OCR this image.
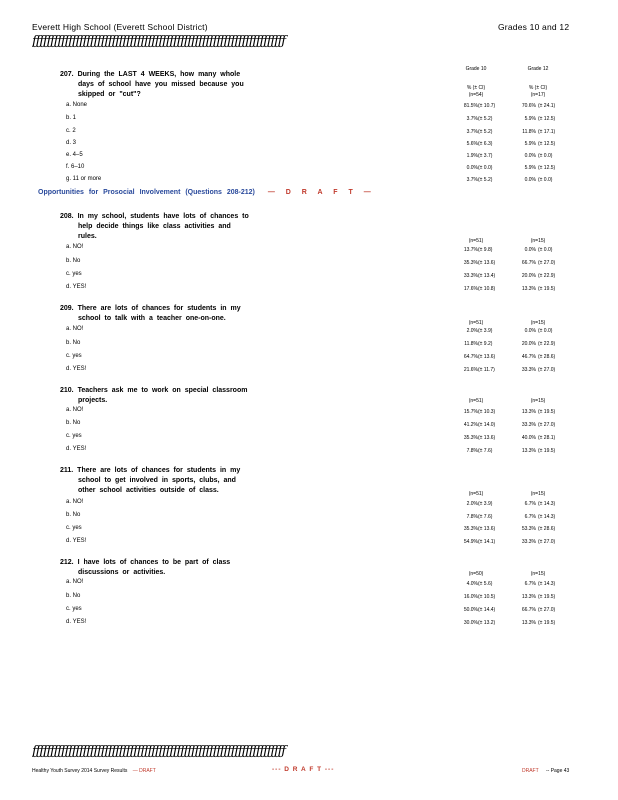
Everett High School (Everett School District)	Grades 10 and 12
ƒƒƒƒƒƒƒƒƒƒƒƒƒƒƒƒƒƒƒƒƒƒƒƒƒƒƒƒƒƒƒƒƒƒƒƒƒƒƒƒƒƒƒƒƒƒƒƒƒƒƒƒƒƒƒƒƒƒƒƒƒƒƒƒƒƒƒƒƒƒ
Grade 10	Grade 12
% (± CI)	% (± CI)
(n=54)	(n=17)
207. During the LAST 4 WEEKS, how many whole
days of school have you missed because you
skipped or "cut"?
a. None	81.5% (± 10.7)	70.6% (± 24.1)
b. 1	3.7% (± 5.2)	5.9% (± 12.5)
c. 2	3.7% (± 5.2)	11.8% (± 17.1)
d. 3	5.6% (± 6.3)	5.9% (± 12.5)
e. 4–5	1.9% (± 3.7)	0.0% (± 0.0)
f. 6–10	0.0% (± 0.0)	5.9% (± 12.5)
g. 11 or more	3.7% (± 5.2)	0.0% (± 0.0)
Opportunities for Prosocial Involvement (Questions 208-212) — D R A F T —
208. In my school, students have lots of chances to
help decide things like class activities and
rules.
(n=51)	(n=15)
a. NO!	13.7% (± 9.8)	0.0% (± 0.0)
b. No	35.3% (± 13.6)	66.7% (± 27.0)
c. yes	33.3% (± 13.4)	20.0% (± 22.9)
d. YES!	17.6% (± 10.8)	13.3% (± 19.5)
209. There are lots of chances for students in my
school to talk with a teacher one-on-one.
(n=51)	(n=15)
a. NO!	2.0% (± 3.9)	0.0% (± 0.0)
b. No	11.8% (± 9.2)	20.0% (± 22.9)
c. yes	64.7% (± 13.6)	46.7% (± 28.6)
d. YES!	21.6% (± 11.7)	33.3% (± 27.0)
210. Teachers ask me to work on special classroom
projects.	(n=51)	(n=15)
a. NO!	15.7% (± 10.3)	13.3% (± 19.5)
b. No	41.2% (± 14.0)	33.3% (± 27.0)
c. yes	35.3% (± 13.6)	40.0% (± 28.1)
d. YES!	7.8% (± 7.6)	13.3% (± 19.5)
211. There are lots of chances for students in my
school to get involved in sports, clubs, and
other school activities outside of class.	(n=51)	(n=15)
a. NO!	2.0% (± 3.9)	6.7% (± 14.3)
b. No	7.8% (± 7.6)	6.7% (± 14.3)
c. yes	35.3% (± 13.6)	53.3% (± 28.6)
d. YES!	54.9% (± 14.1)	33.3% (± 27.0)
212. I have lots of chances to be part of class
discussions or activities.	(n=50)	(n=15)
a. NO!	4.0% (± 5.6)	6.7% (± 14.3)
b. No	16.0% (± 10.5)	13.3% (± 19.5)
c. yes	50.0% (± 14.4)	66.7% (± 27.0)
d. YES!	30.0% (± 13.2)	13.3% (± 19.5)
ƒƒƒƒƒƒƒƒƒƒƒƒƒƒƒƒƒƒƒƒƒƒƒƒƒƒƒƒƒƒƒƒƒƒƒƒƒƒƒƒƒƒƒƒƒƒƒƒƒƒƒƒƒƒƒƒƒƒƒƒƒƒƒƒƒƒƒƒƒƒ
Healthy Youth Survey 2014 Survey Results — DRAFT	--- D R A F T ---	DRAFT -- Page 43
